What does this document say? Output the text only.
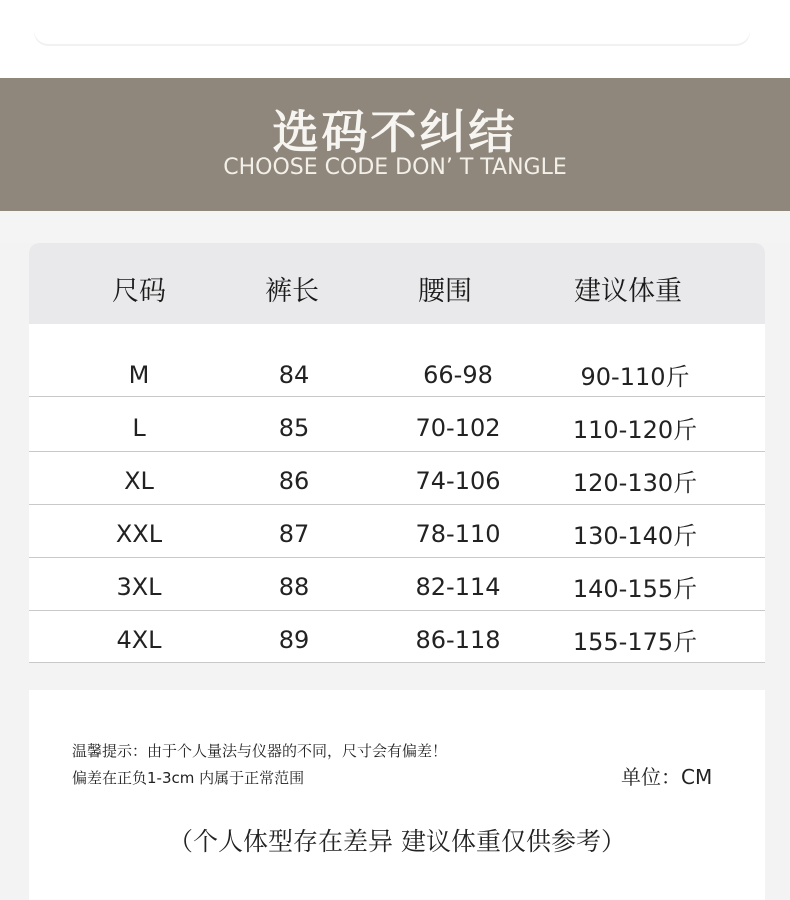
选码不纠结
CHOOSE CODE DON’ T TANGLE
尺码	裤长	腰围	建议体重
M	84	66-98	90-110斤
L	85	70-102	110-120斤
XL	86	74-106	120-130斤
XXL	87	78-110	130-140斤
3XL	88	82-114	140-155斤
4XL	89	86-118	155-175斤
温馨提示：由于个人量法与仪器的不同，尺寸会有偏差！
偏差在正负1-3cm 内属于正常范围	单位：CM
（个人体型存在差异 建议体重仅供参考）
